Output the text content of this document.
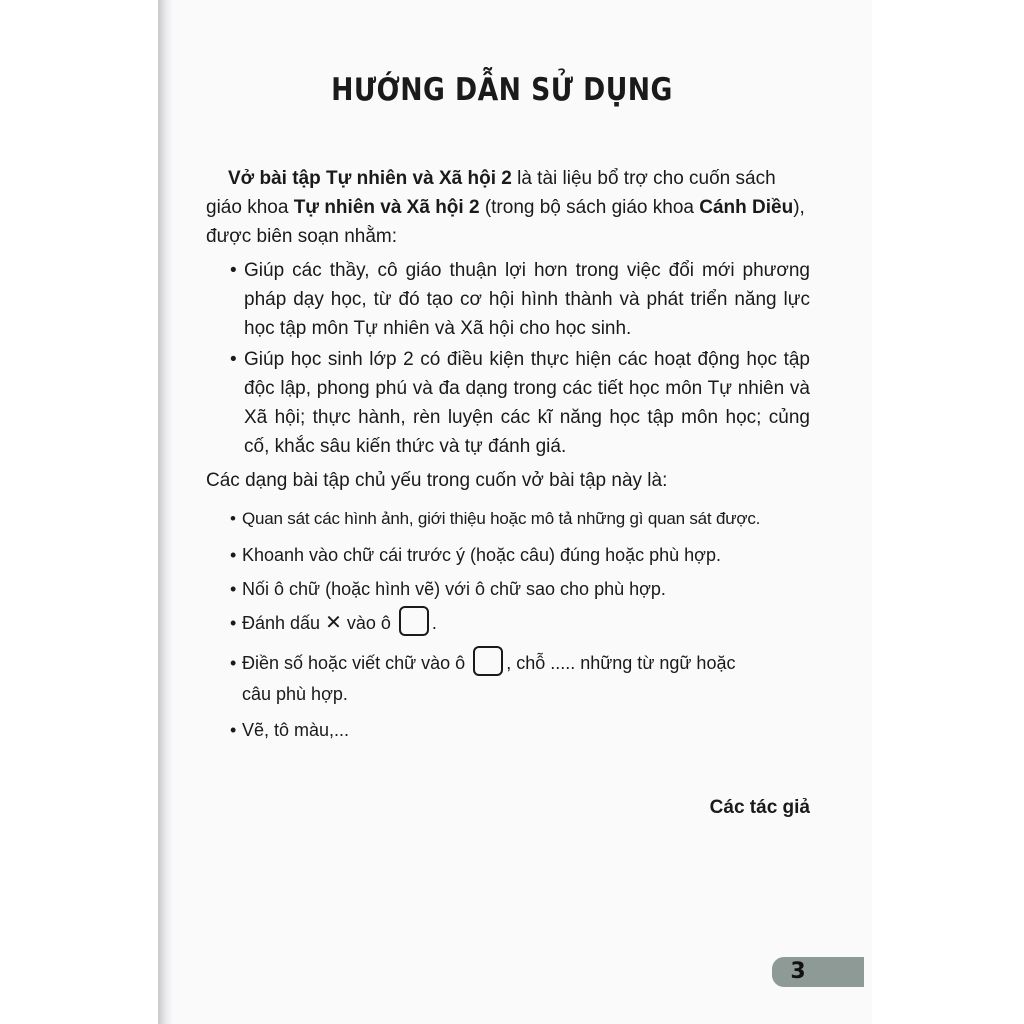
HƯỚNG DẪN SỬ DỤNG
Vở bài tập Tự nhiên và Xã hội 2 là tài liệu bổ trợ cho cuốn sách
giáo khoa Tự nhiên và Xã hội 2 (trong bộ sách giáo khoa Cánh Diều),
được biên soạn nhằm:
• Giúp các thầy, cô giáo thuận lợi hơn trong việc đổi mới phương pháp dạy học, từ đó tạo cơ hội hình thành và phát triển năng lực học tập môn Tự nhiên và Xã hội cho học sinh.
• Giúp học sinh lớp 2 có điều kiện thực hiện các hoạt động học tập độc lập, phong phú và đa dạng trong các tiết học môn Tự nhiên và Xã hội; thực hành, rèn luyện các kĩ năng học tập môn học; củng cố, khắc sâu kiến thức và tự đánh giá.
Các dạng bài tập chủ yếu trong cuốn vở bài tập này là:
• Quan sát các hình ảnh, giới thiệu hoặc mô tả những gì quan sát được.
• Khoanh vào chữ cái trước ý (hoặc câu) đúng hoặc phù hợp.
• Nối ô chữ (hoặc hình vẽ) với ô chữ sao cho phù hợp.
• Đánh dấu ✕ vào ô .
• Điền số hoặc viết chữ vào ô , chỗ ..... những từ ngữ hoặc
câu phù hợp.
• Vẽ, tô màu,...
Các tác giả
3
